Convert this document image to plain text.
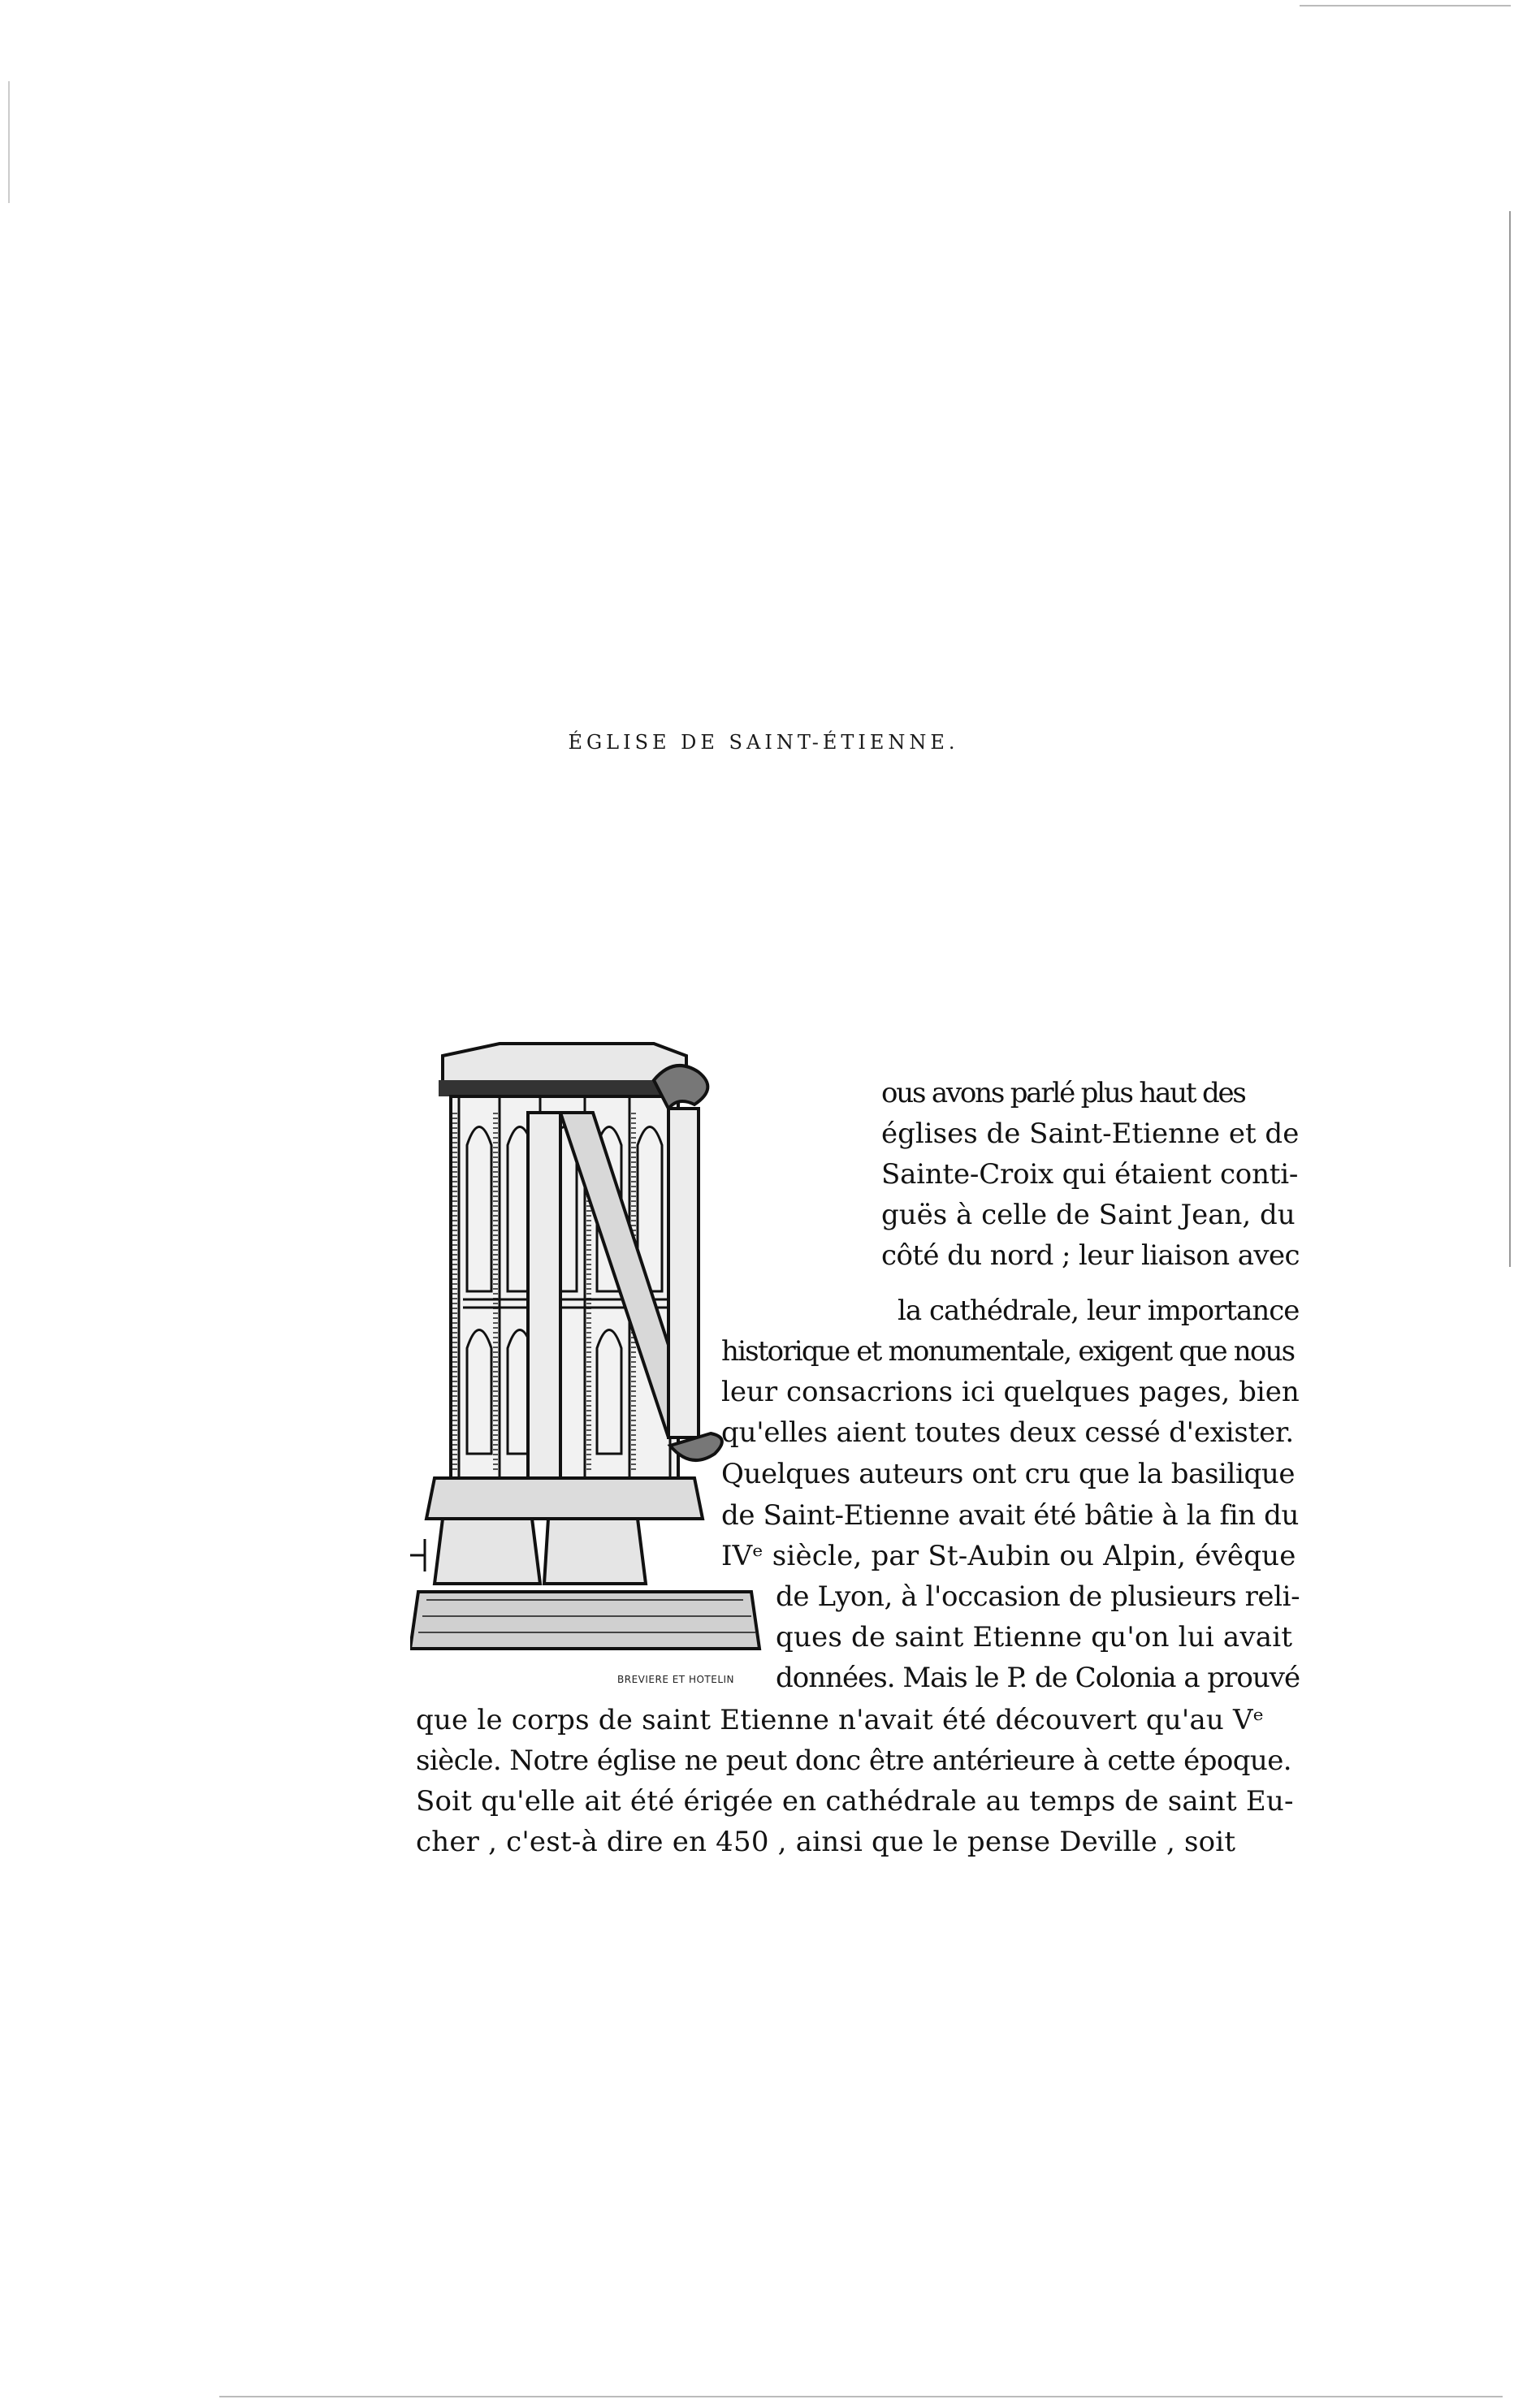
ÉGLISE DE SAINT-ÉTIENNE.
BREVIERE ET HOTELIN
ous avons parlé plus haut des
églises de Saint-Etienne et de
Sainte-Croix qui étaient conti-
guës à celle de Saint Jean, du
côté du nord ; leur liaison avec
la cathédrale, leur importance
historique et monumentale, exigent que nous
leur consacrions ici quelques pages, bien
qu'elles aient toutes deux cessé d'exister.
Quelques auteurs ont cru que la basilique
de Saint-Etienne avait été bâtie à la fin du
IVᵉ siècle, par St-Aubin ou Alpin, évêque
de Lyon, à l'occasion de plusieurs reli-
ques de saint Etienne qu'on lui avait
données. Mais le P. de Colonia a prouvé
que le corps de saint Etienne n'avait été découvert qu'au Vᵉ
siècle. Notre église ne peut donc être antérieure à cette époque.
Soit qu'elle ait été érigée en cathédrale au temps de saint Eu-
cher , c'est-à dire en 450 , ainsi que le pense Deville , soit
